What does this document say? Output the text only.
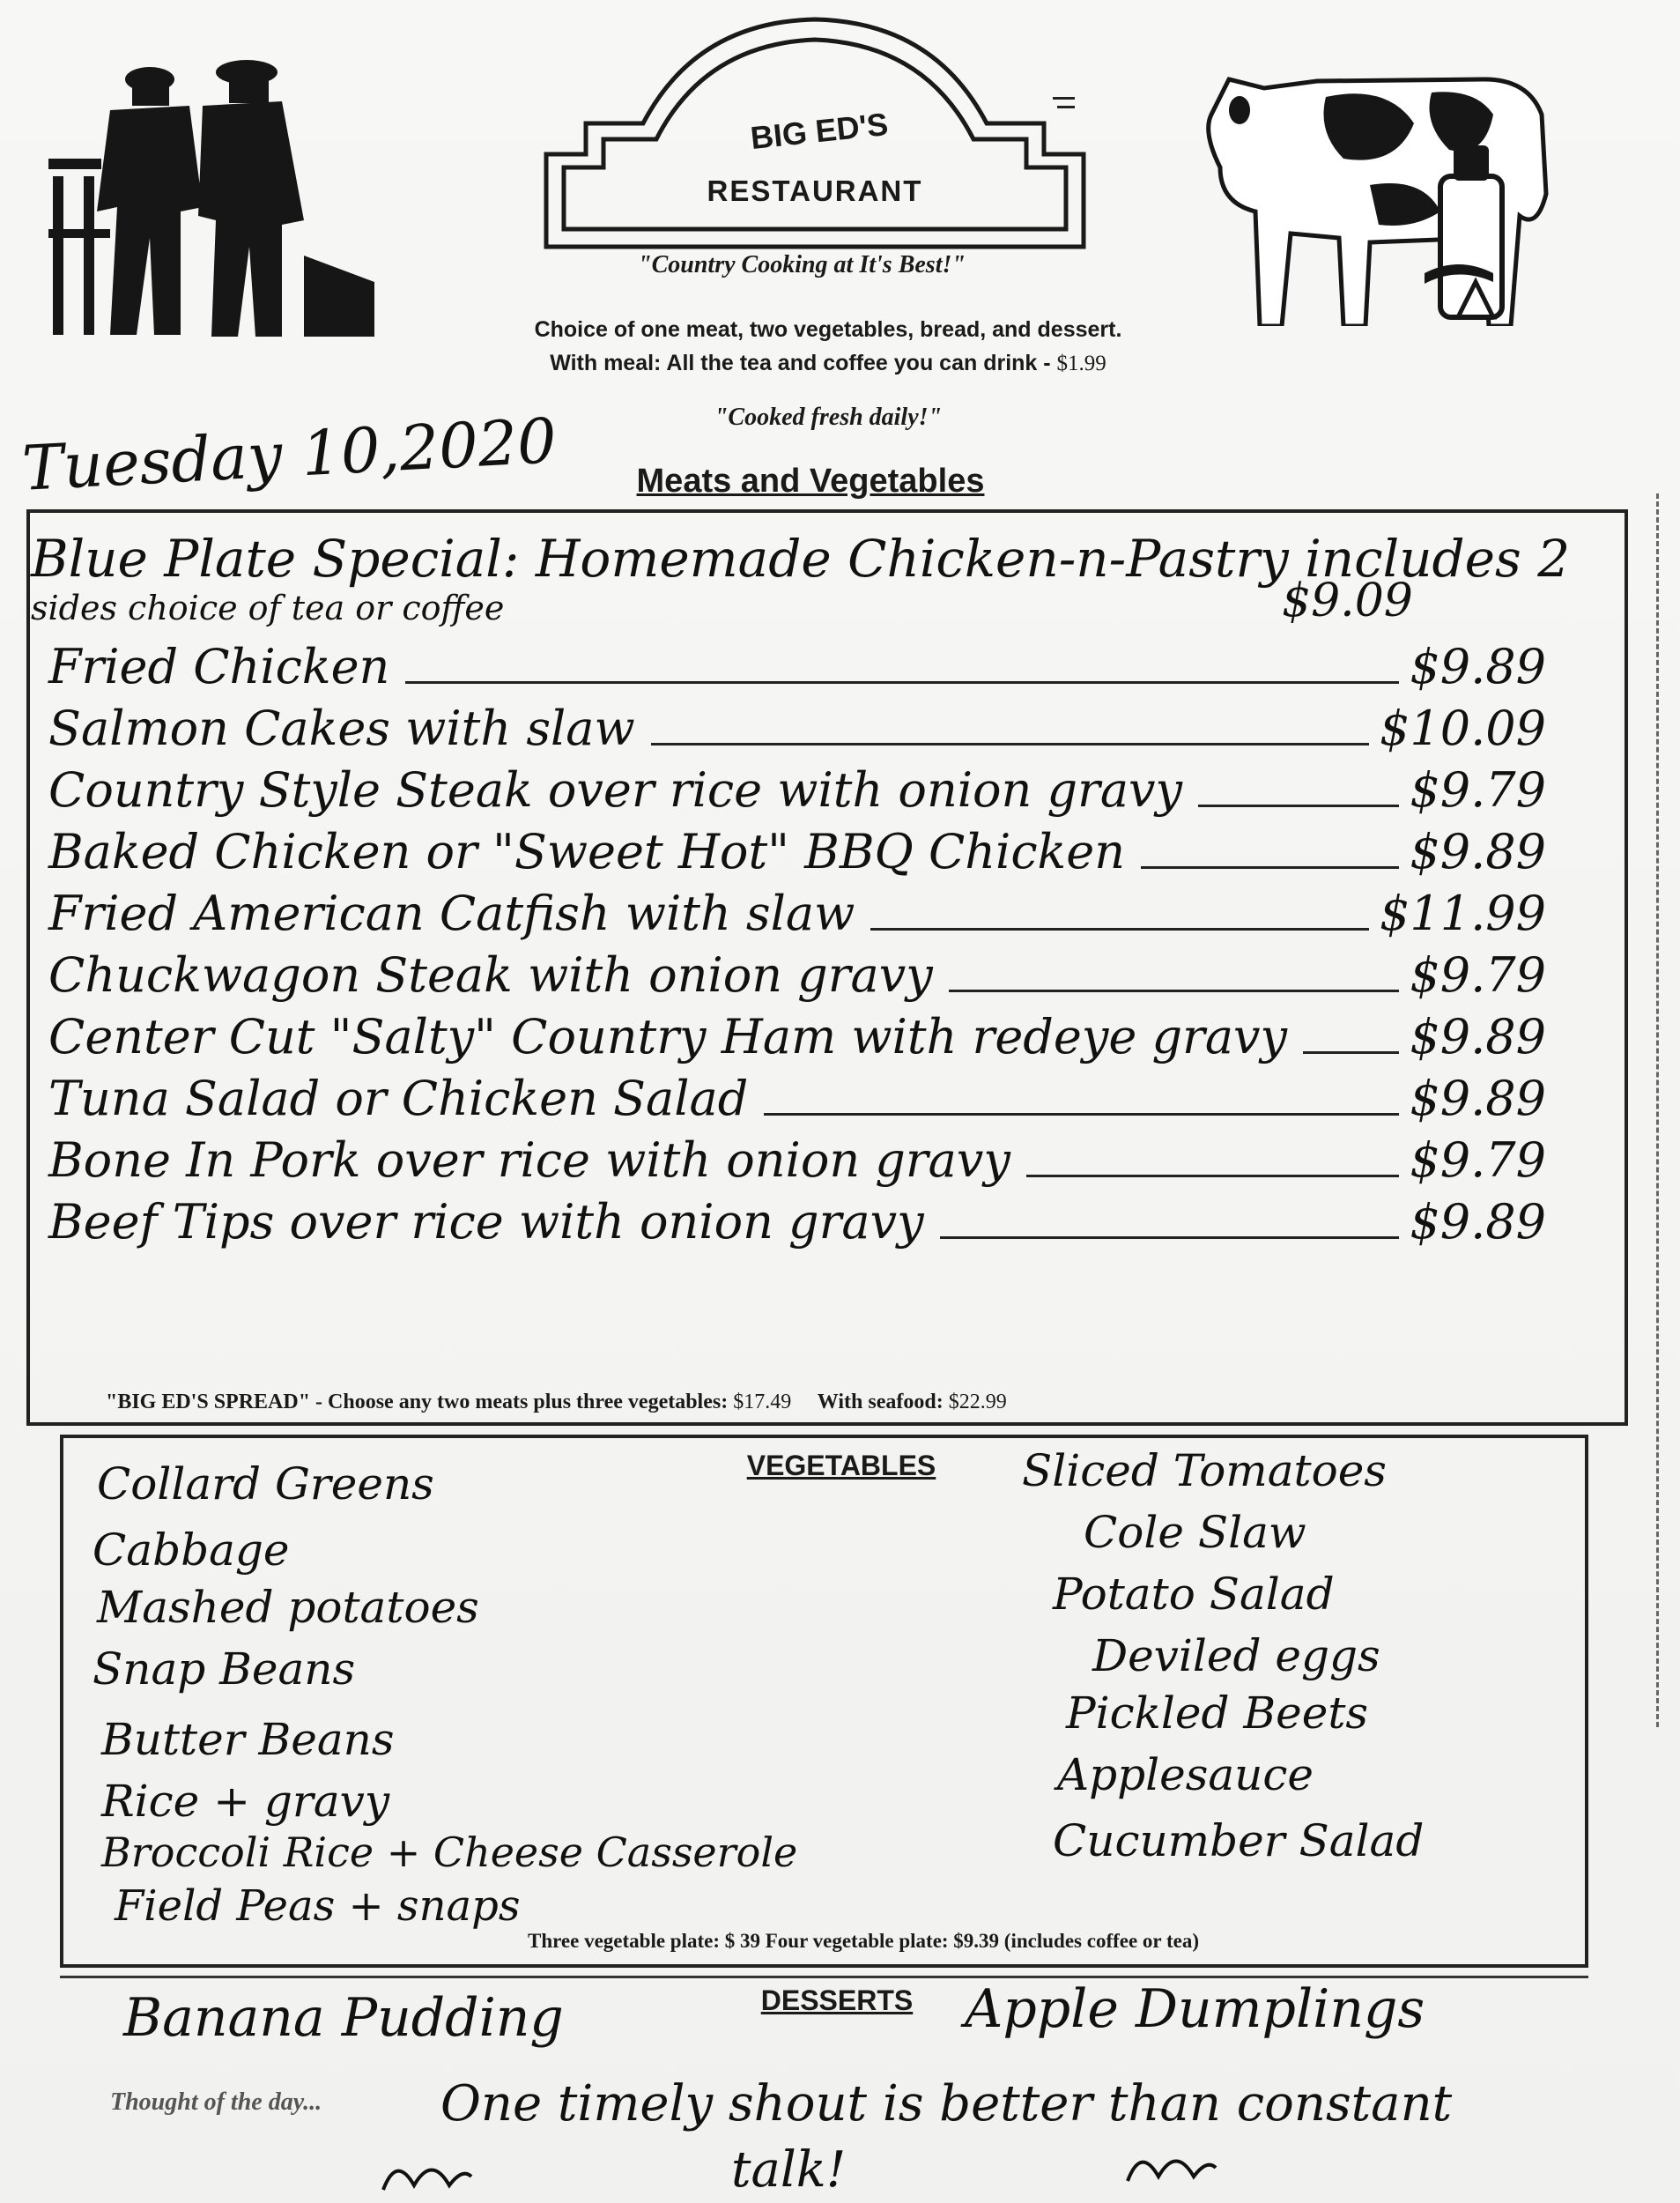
BIG ED'S
RESTAURANT
"Country Cooking at It's Best!"
Choice of one meat, two vegetables, bread, and dessert.
With meal: All the tea and coffee you can drink - $1.99
"Cooked fresh daily!"
Tuesday 10,2020	Meats and Vegetables
Blue Plate Special: Homemade Chicken-n-Pastry includes 2
sides choice of tea or coffee	$9.09
Fried Chicken	$9.89
Salmon Cakes with slaw	$10.09
Country Style Steak over rice with onion gravy	$9.79
Baked Chicken or "Sweet Hot" BBQ Chicken	$9.89
Fried American Catfish with slaw	$11.99
Chuckwagon Steak with onion gravy	$9.79
Center Cut "Salty" Country Ham with redeye gravy	$9.89
Tuna Salad or Chicken Salad	$9.89
Bone In Pork over rice with onion gravy	$9.79
Beef Tips over rice with onion gravy	$9.89
"BIG ED'S SPREAD" - Choose any two meats plus three vegetables: $17.49 With seafood: $22.99
VEGETABLES
Collard Greens
Cabbage
Mashed potatoes
Snap Beans
Butter Beans
Rice + gravy
Broccoli Rice + Cheese Casserole
Field Peas + snaps
Sliced Tomatoes
Cole Slaw
Potato Salad
Deviled eggs
Pickled Beets
Applesauce
Cucumber Salad
Three vegetable plate: $ 39 Four vegetable plate: $9.39 (includes coffee or tea)
DESSERTS
Banana Pudding	Apple Dumplings
Thought of the day... One timely shout is better than constant
talk!
